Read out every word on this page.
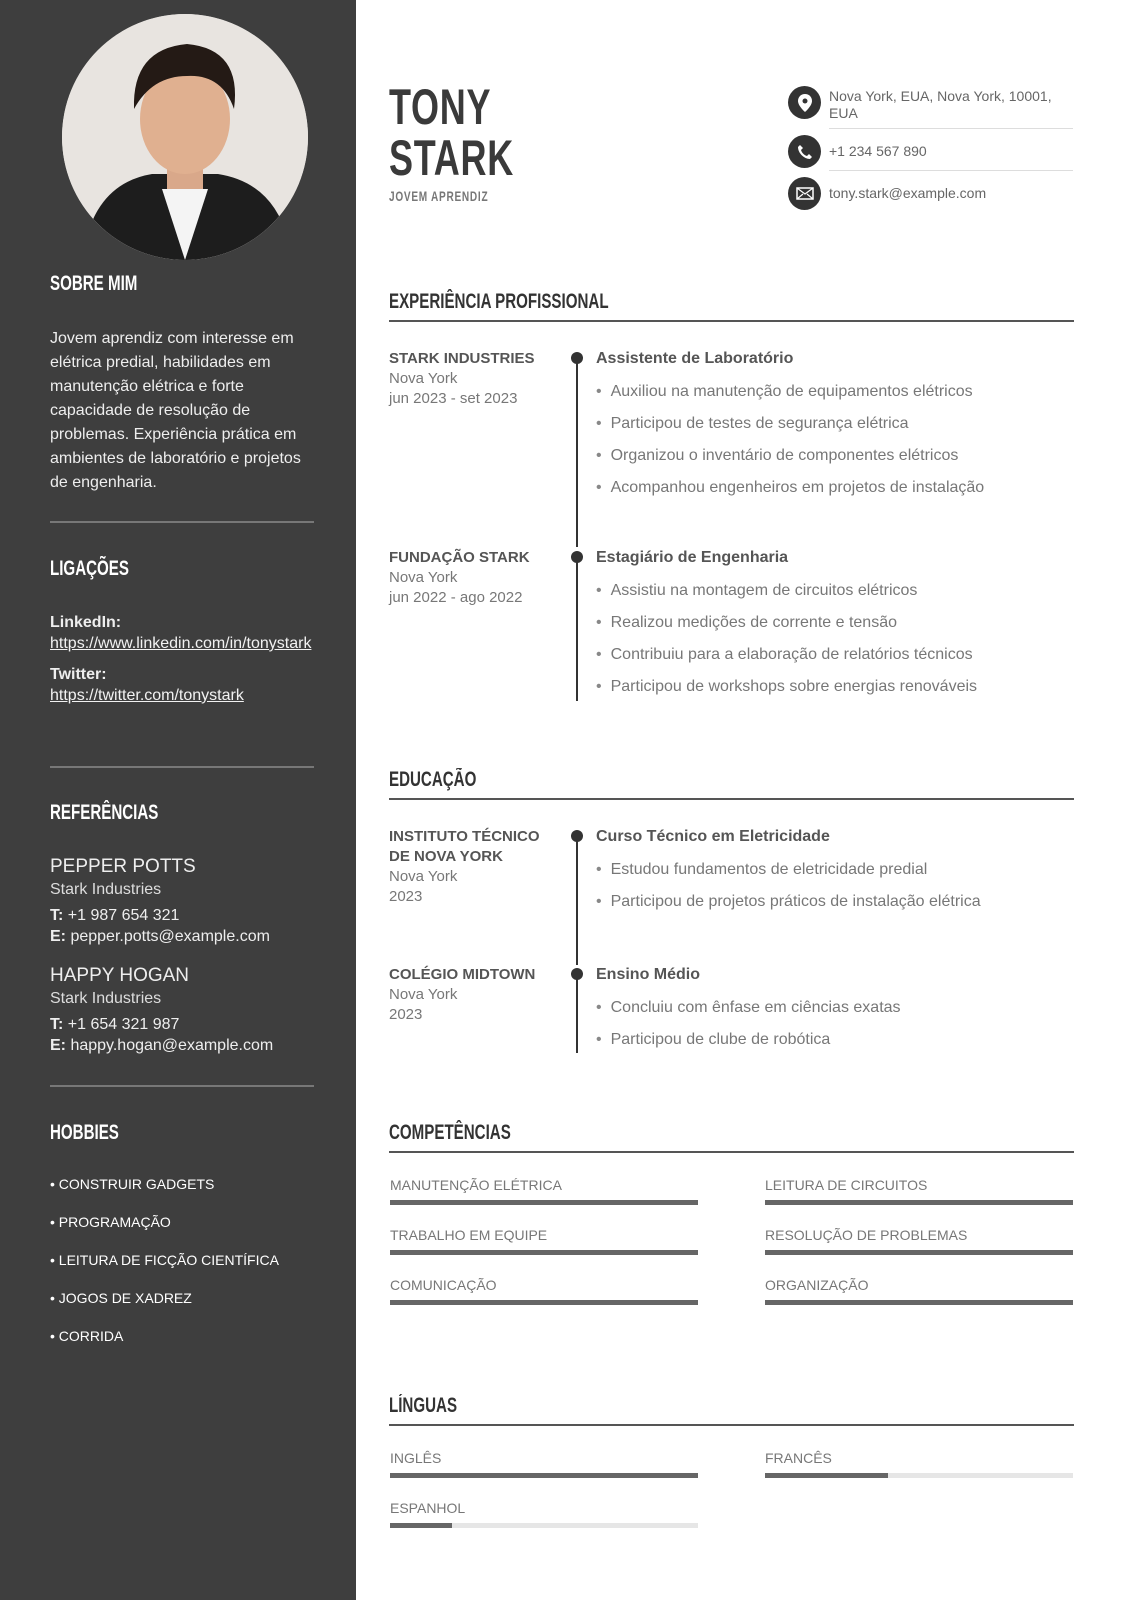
SOBRE MIM
Jovem aprendiz com interesse em elétrica predial, habilidades em manutenção elétrica e forte capacidade de resolução de problemas. Experiência prática em ambientes de laboratório e projetos de engenharia.
LIGAÇÕES
LinkedIn:
https://www.linkedin.com/in/tonystark
Twitter:
https://twitter.com/tonystark
REFERÊNCIAS
PEPPER POTTS
Stark Industries
T: +1 987 654 321
E: pepper.potts@example.com
HAPPY HOGAN
Stark Industries
T: +1 654 321 987
E: happy.hogan@example.com
HOBBIES
• CONSTRUIR GADGETS
• PROGRAMAÇÃO
• LEITURA DE FICÇÃO CIENTÍFICA
• JOGOS DE XADREZ
• CORRIDA
TONY
STARK
JOVEM APRENDIZ
Nova York, EUA, Nova York, 10001, EUA
+1 234 567 890
tony.stark@example.com
EXPERIÊNCIA PROFISSIONAL
STARK INDUSTRIES
Nova York
jun 2023 - set 2023
Assistente de Laboratório
• Auxiliou na manutenção de equipamentos elétricos
• Participou de testes de segurança elétrica
• Organizou o inventário de componentes elétricos
• Acompanhou engenheiros em projetos de instalação
FUNDAÇÃO STARK
Nova York
jun 2022 - ago 2022
Estagiário de Engenharia
• Assistiu na montagem de circuitos elétricos
• Realizou medições de corrente e tensão
• Contribuiu para a elaboração de relatórios técnicos
• Participou de workshops sobre energias renováveis
EDUCAÇÃO
INSTITUTO TÉCNICO DE NOVA YORK
Nova York
2023
Curso Técnico em Eletricidade
• Estudou fundamentos de eletricidade predial
• Participou de projetos práticos de instalação elétrica
COLÉGIO MIDTOWN
Nova York
2023
Ensino Médio
• Concluiu com ênfase em ciências exatas
• Participou de clube de robótica
COMPETÊNCIAS
MANUTENÇÃO ELÉTRICA	LEITURA DE CIRCUITOS
TRABALHO EM EQUIPE	RESOLUÇÃO DE PROBLEMAS
COMUNICAÇÃO	ORGANIZAÇÃO
LÍNGUAS
INGLÊS	FRANCÊS
ESPANHOL
